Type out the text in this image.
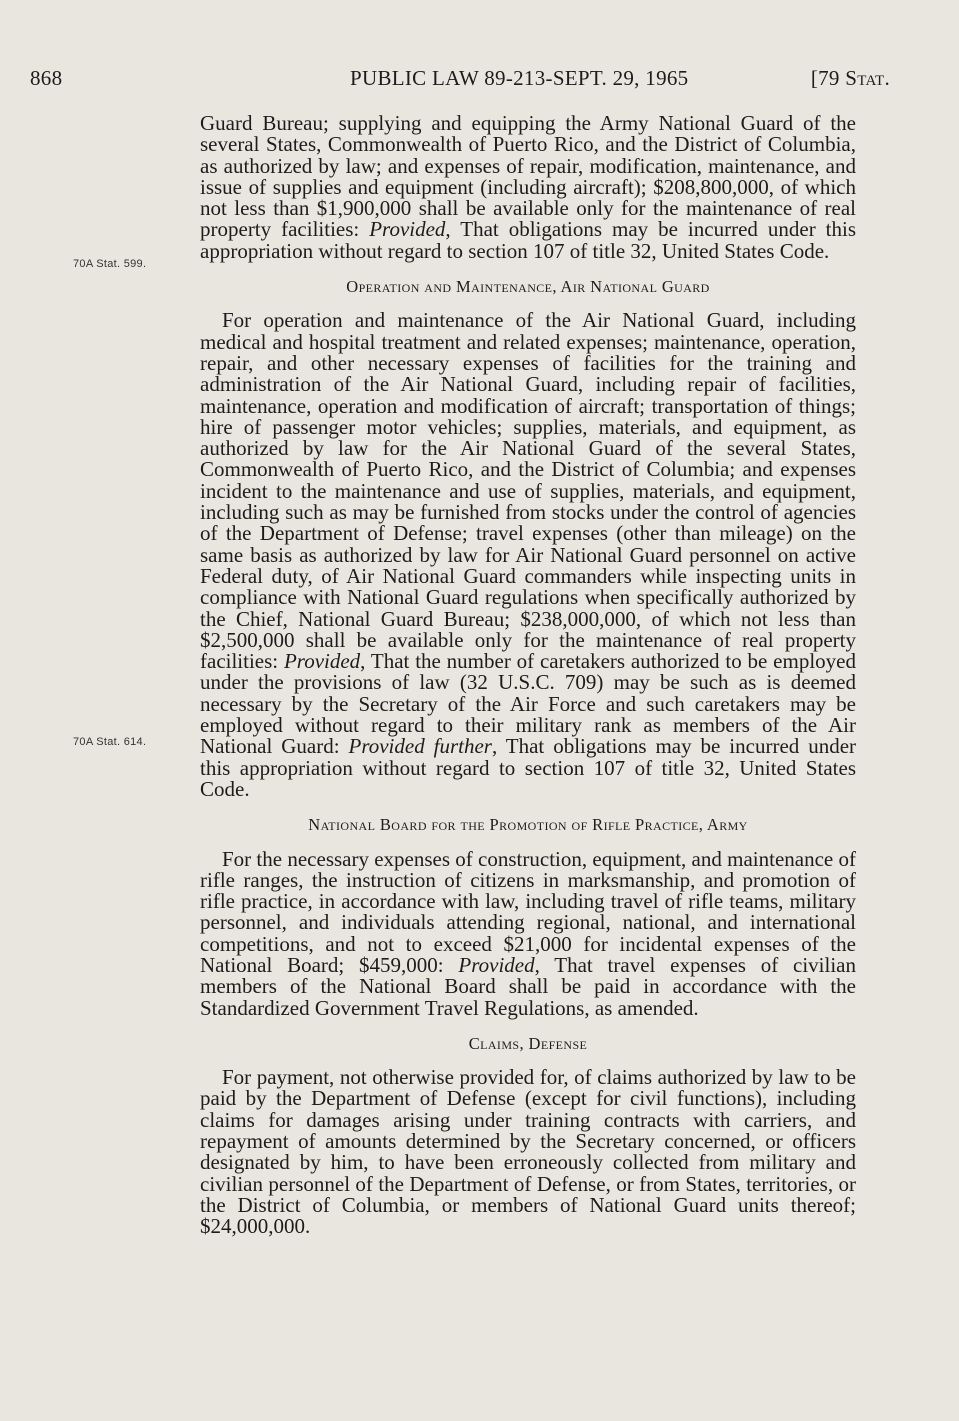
868	PUBLIC LAW 89-213-SEPT. 29, 1965	[79 Stat.
70A Stat. 599.
70A Stat. 614.

Guard Bureau; supplying and equipping the Army National Guard of the several States, Commonwealth of Puerto Rico, and the District of Columbia, as authorized by law; and expenses of repair, modification, maintenance, and issue of supplies and equipment (including aircraft); $208,800,000, of which not less than $1,900,000 shall be available only for the maintenance of real property facilities: Provided, That obligations may be incurred under this appropriation without regard to section 107 of title 32, United States Code.

Operation and Maintenance, Air National Guard

For operation and maintenance of the Air National Guard, including medical and hospital treatment and related expenses; maintenance, operation, repair, and other necessary expenses of facilities for the training and administration of the Air National Guard, including repair of facilities, maintenance, operation and modification of aircraft; transportation of things; hire of passenger motor vehicles; supplies, materials, and equipment, as authorized by law for the Air National Guard of the several States, Commonwealth of Puerto Rico, and the District of Columbia; and expenses incident to the maintenance and use of supplies, materials, and equipment, including such as may be furnished from stocks under the control of agencies of the Department of Defense; travel expenses (other than mileage) on the same basis as authorized by law for Air National Guard personnel on active Federal duty, of Air National Guard commanders while inspecting units in compliance with National Guard regulations when specifically authorized by the Chief, National Guard Bureau; $238,000,000, of which not less than $2,500,000 shall be available only for the maintenance of real property facilities: Provided, That the number of caretakers authorized to be employed under the provisions of law (32 U.S.C. 709) may be such as is deemed necessary by the Secretary of the Air Force and such caretakers may be employed without regard to their military rank as members of the Air National Guard: Provided further, That obligations may be incurred under this appropriation without regard to section 107 of title 32, United States Code.

National Board for the Promotion of Rifle Practice, Army

For the necessary expenses of construction, equipment, and maintenance of rifle ranges, the instruction of citizens in marksmanship, and promotion of rifle practice, in accordance with law, including travel of rifle teams, military personnel, and individuals attending regional, national, and international competitions, and not to exceed $21,000 for incidental expenses of the National Board; $459,000: Provided, That travel expenses of civilian members of the National Board shall be paid in accordance with the Standardized Government Travel Regulations, as amended.

Claims, Defense

For payment, not otherwise provided for, of claims authorized by law to be paid by the Department of Defense (except for civil functions), including claims for damages arising under training contracts with carriers, and repayment of amounts determined by the Secretary concerned, or officers designated by him, to have been erroneously collected from military and civilian personnel of the Department of Defense, or from States, territories, or the District of Columbia, or members of National Guard units thereof; $24,000,000.
